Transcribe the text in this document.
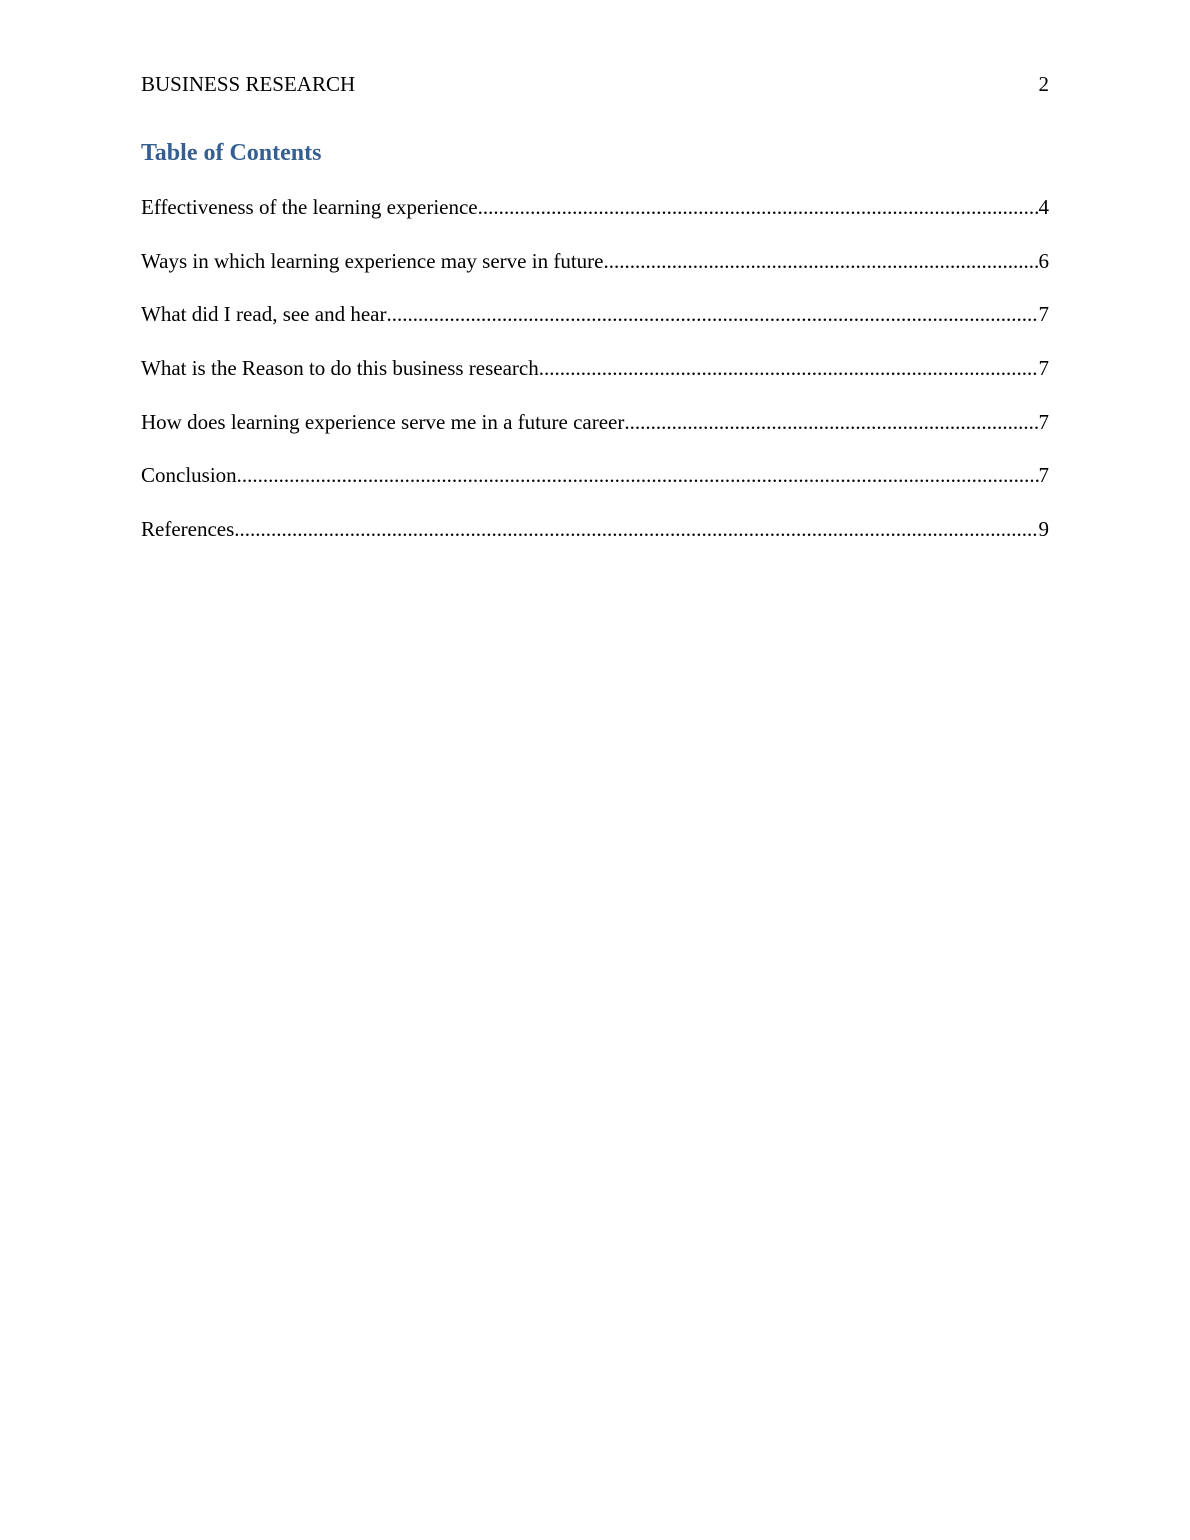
BUSINESS RESEARCH	2
Table of Contents
Effectiveness of the learning experience .....	4
Ways in which learning experience may serve in future .....	6
What did I read, see and hear .....	7
What is the Reason to do this business research .....	7
How does learning experience serve me in a future career .....	7
Conclusion .....	7
References .....	9
